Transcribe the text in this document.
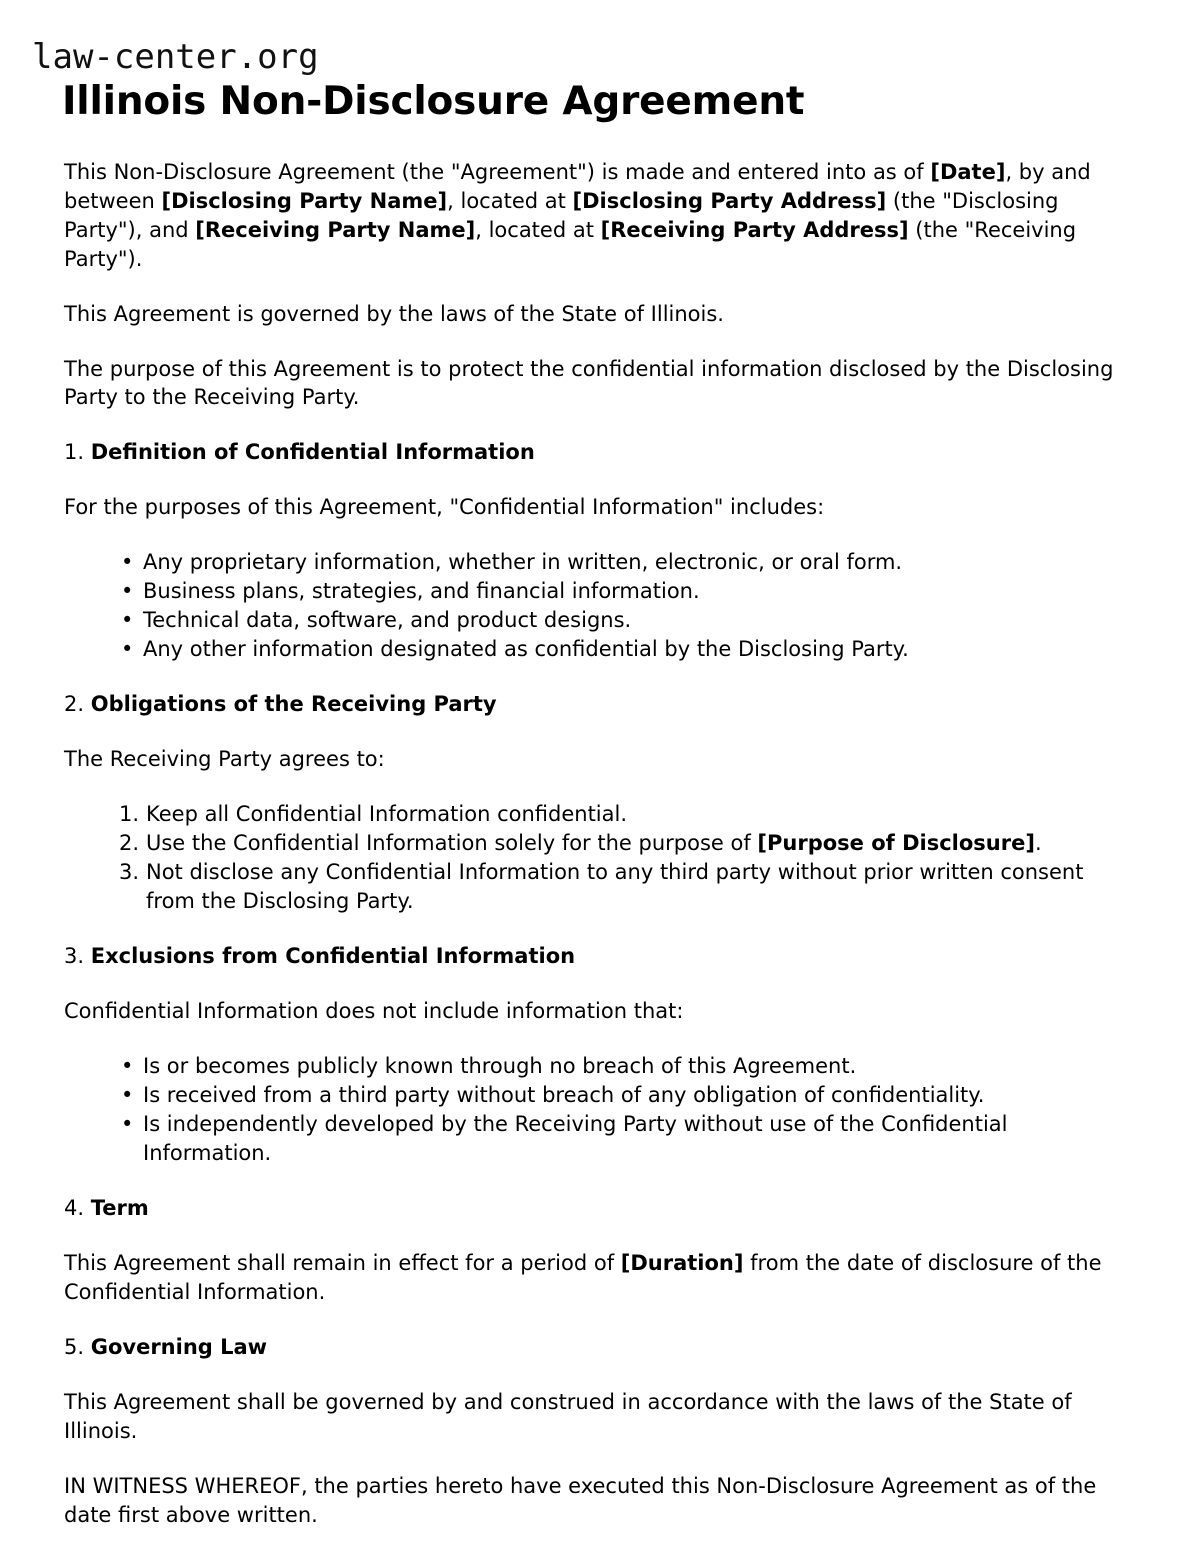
law-center.org
Illinois Non-Disclosure Agreement

This Non-Disclosure Agreement (the "Agreement") is made and entered into as of [Date], by and between [Disclosing Party Name], located at [Disclosing Party Address] (the "Disclosing Party"), and [Receiving Party Name], located at [Receiving Party Address] (the "Receiving Party").

This Agreement is governed by the laws of the State of Illinois.

The purpose of this Agreement is to protect the confidential information disclosed by the Disclosing Party to the Receiving Party.

1. Definition of Confidential Information

For the purposes of this Agreement, "Confidential Information" includes:

• Any proprietary information, whether in written, electronic, or oral form.
• Business plans, strategies, and financial information.
• Technical data, software, and product designs.
• Any other information designated as confidential by the Disclosing Party.
2. Obligations of the Receiving Party

The Receiving Party agrees to:

Keep all Confidential Information confidential.
Use the Confidential Information solely for the purpose of [Purpose of Disclosure].
Not disclose any Confidential Information to any third party without prior written consent from the Disclosing Party.
3. Exclusions from Confidential Information

Confidential Information does not include information that:

• Is or becomes publicly known through no breach of this Agreement.
• Is received from a third party without breach of any obligation of confidentiality.
• Is independently developed by the Receiving Party without use of the Confidential Information.
4. Term

This Agreement shall remain in effect for a period of [Duration] from the date of disclosure of the Confidential Information.

5. Governing Law

This Agreement shall be governed by and construed in accordance with the laws of the State of Illinois.

IN WITNESS WHEREOF, the parties hereto have executed this Non-Disclosure Agreement as of the date first above written.
